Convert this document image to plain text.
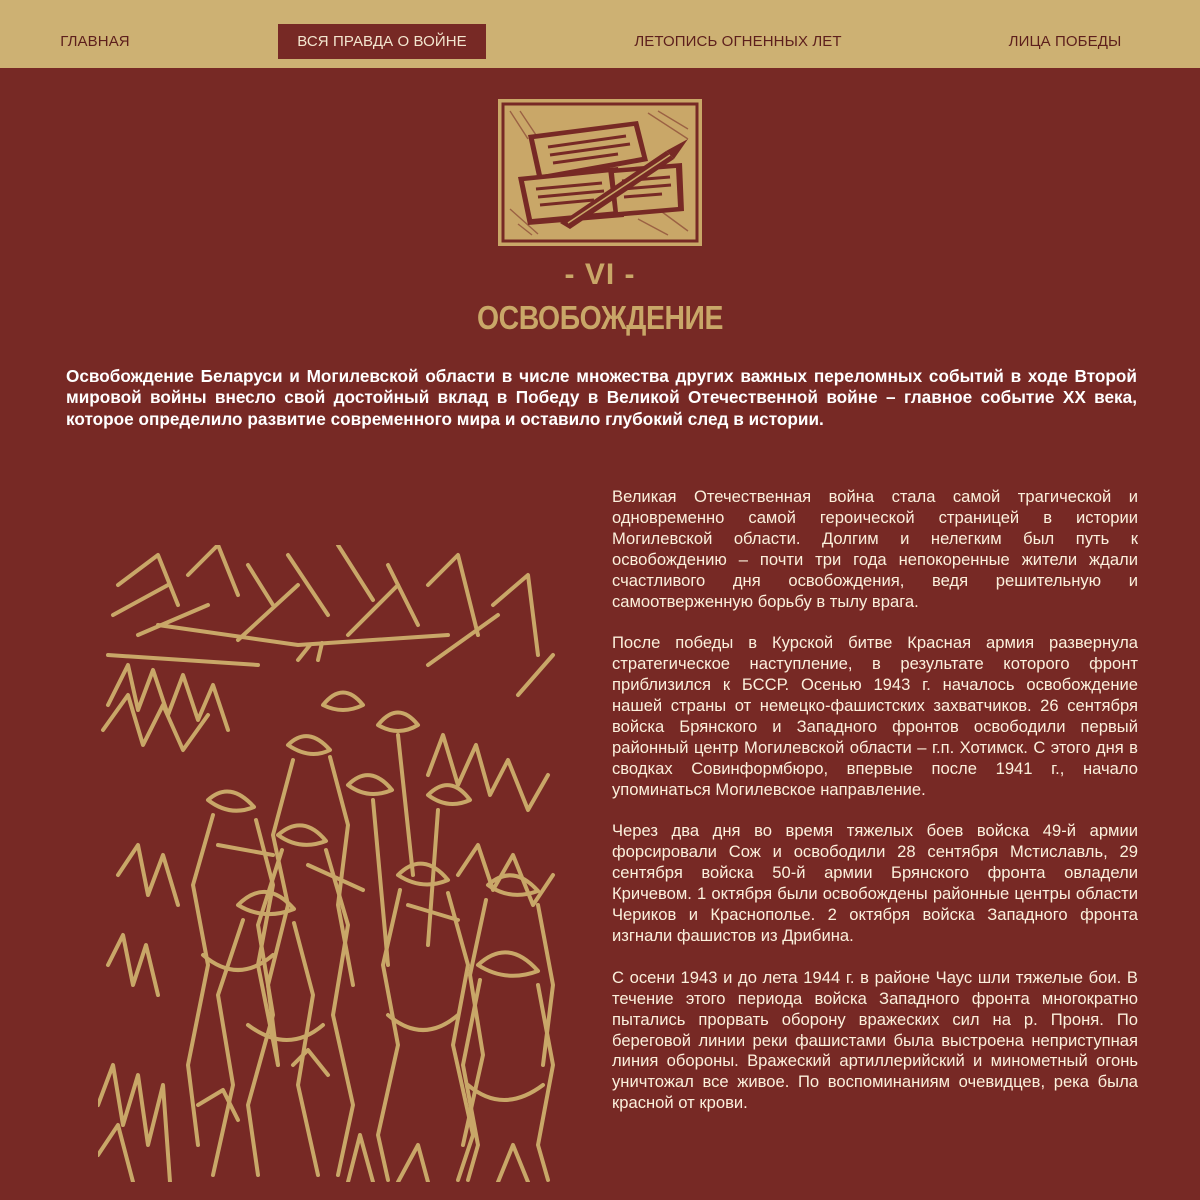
ГЛАВНАЯ	ВСЯ ПРАВДА О ВОЙНЕ	ЛЕТОПИСЬ ОГНЕННЫХ ЛЕТ	ЛИЦА ПОБЕДЫ
- VI -
ОСВОБОЖДЕНИЕ

Освобождение Беларуси и Могилевской области в числе множества других важных переломных событий в ходе Второй мировой войны внесло свой достойный вклад в Победу в Великой Отечественной войне – главное событие XX века, которое определило развитие современного мира и оставило глубокий след в истории.

Великая Отечественная война стала самой трагической и одновременно самой героической страницей в истории Могилевской области. Долгим и нелегким был путь к освобождению – почти три года непокоренные жители ждали счастливого дня освобождения, ведя решительную и самоотверженную борьбу в тылу врага.

После победы в Курской битве Красная армия развернула стратегическое наступление, в результате которого фронт приблизился к БССР. Осенью 1943 г. началось освобождение нашей страны от немецко-фашистских захватчиков. 26 сентября войска Брянского и Западного фронтов освободили первый районный центр Могилевской области – г.п. Хотимск. С этого дня в сводках Совинформбюро, впервые после 1941 г., начало упоминаться Могилевское направление.

Через два дня во время тяжелых боев войска 49-й армии форсировали Сож и освободили 28 сентября Мстиславль, 29 сентября войска 50-й армии Брянского фронта овладели Кричевом. 1 октября были освобождены районные центры области Чериков и Краснополье. 2 октября войска Западного фронта изгнали фашистов из Дрибина.

С осени 1943 и до лета 1944 г. в районе Чаус шли тяжелые бои. В течение этого периода войска Западного фронта многократно пытались прорвать оборону вражеских сил на р. Проня. По береговой линии реки фашистами была выстроена неприступная линия обороны. Вражеский артиллерийский и минометный огонь уничтожал все живое. По воспоминаниям очевидцев, река была красной от крови.
